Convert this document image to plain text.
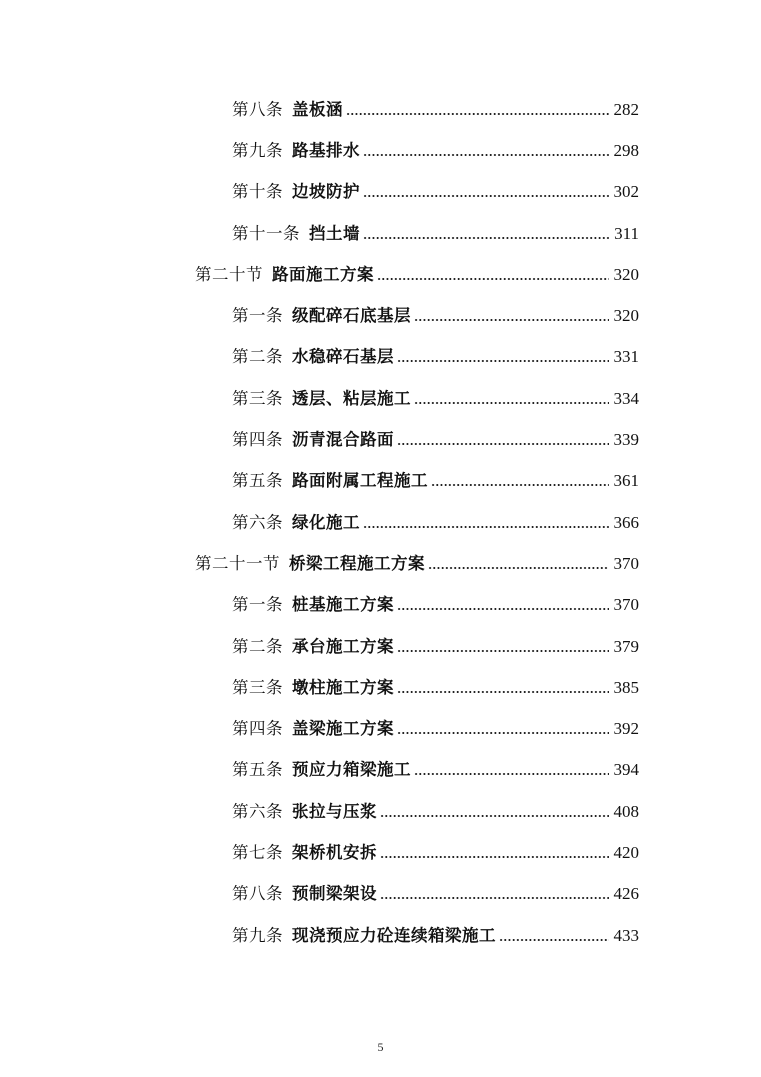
第八条 盖板涵	282
第九条 路基排水	298
第十条 边坡防护	302
第十一条 挡土墙	311
第二十节 路面施工方案	320
第一条 级配碎石底基层	320
第二条 水稳碎石基层	331
第三条 透层、粘层施工	334
第四条 沥青混合路面	339
第五条 路面附属工程施工	361
第六条 绿化施工	366
第二十一节 桥梁工程施工方案	370
第一条 桩基施工方案	370
第二条 承台施工方案	379
第三条 墩柱施工方案	385
第四条 盖梁施工方案	392
第五条 预应力箱梁施工	394
第六条 张拉与压浆	408
第七条 架桥机安拆	420
第八条 预制梁架设	426
第九条 现浇预应力砼连续箱梁施工	433
5
